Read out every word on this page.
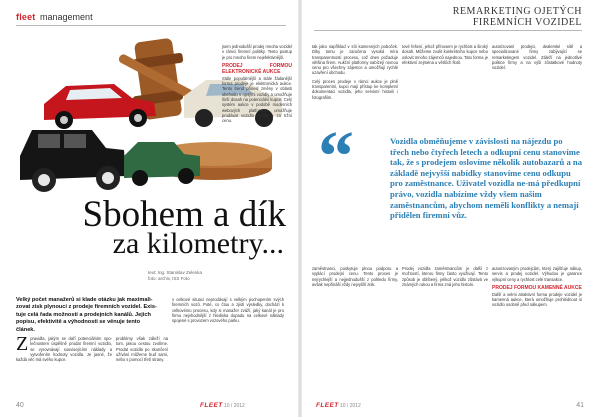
fleet management	REMARKETING OJETÝCH
FIREMNÍCH VOZIDEL
Sbohem a dík
za kilometry...
text: Ing. Stanislav Zelenka
foto: archiv, ISS Foto
Velký počet manažerů si klade otázku jak maximali-zovat zisk plynoucí z prodeje firemních vozidel. Exis-tuje celá řada možností a prodejních kanálů. Jejich popisu, efektivitě a výhodnosti se věnuje tento článek.
Z pravidla, jakým se daří potenciálním spo-lečnostem úspěšně prodat firemní vozidlo, se vyrovnávají souvisejícími náklady a vytvořením hodnoty vozidla. Je jasné, že každá věc má svého kupce.
problémy však záleží na tom, jakou cestou zvolíme. Prodat vozidla po skončení užívání můžeme buď sami, nebo s pomocí třetí strany.
v celkové situaci neprodávají s velkým pochopením svých firemních vozů. Poté, co čtou a zjistí výsledky, dochází k celkovému procesu, kdy si manažer zváží, jaký kanál je pro firmu nejvhodnější z hlediska dopadu na celkové náklady spojené s provozem vozového parku.

jsem jednodušší prodej mnoha vozidel v rámci firemní politiky. Tento postup je pro mnoho firem nejefektivnější.

PRODEJ FORMOU ELEKTRONICKÉ AUKCE

Stále populárnější a stále žádanější forma prodeje je elektronická aukce. Tento trend přinesl změny v oblasti obchodu s ojetými vozidly a umožňuje širší dosah na potenciální kupce. Celý systém aukce v podobě moderních webových platforem umožňuje prodávat vozidla rychle a za tržní cenu.

tak jako například v síti kamenných poboček. Díky tomu je zaručena vysoká míra transparentnosti procesu, což dnes požaduje většina firem. Aukční platformy nabízejí rovnou cenu pro všechny zájemce a umožňují rychlé uzavření obchodu.

Celý proces prodeje v rámci aukce je plně transparentní, kupci mají přístup ke kompletní dokumentaci vozidla, jeho servisní historii i fotografiím.

tové řešení, jehož přínosem je rychlost a široký dosah. Můžeme zvolit konkrétního kupce nebo oslovit mnoho zájemců najednou. Tato forma je efektivní zejména u větších flotil.
autorizovaní prodejci, dealerské sítě a specializované firmy zabývající se remarketingem vozidel. Záleží na jednotlivé politice firmy a na výši zůstatkové hodnoty vozidel.
“	Vozidla obměňujeme v závislosti na nájezdu po třech nebo čtyřech letech a odkupní cenu stanovíme tak, že s prodejem oslovíme několik autobazarů a na základě nejvyšší nabídky stanovíme cenu odkupu pro zaměstnance. Uživatel vozidla ne-má předkupní právo, vozidla nabízíme vždy všem našim zaměstnancům, abychom neměli konflikty a nemají přidělen firemní vůz.
zaměstnanci, poskytuje plnou podporu a vyplácí prodejní cenu. Tento proces je nejrychlejší a nejjednodušší z pohledu firmy, avšak nepřináší vždy nejvyšší zisk.
Prodej vozidla zaměstnancům je další z možností, kterou firmy často využívají. Tento způsob je oblíbený, jelikož vozidlo zůstává ve známých rukou a firma zná jeho historii.

autorizovaným prodejcům, který zajišťuje nákup, servis a prodej vozidel. Výhodou je garance výkupní ceny a rychlost celé transakce.

PRODEJ FORMOU KAMENNÉ AUKCE

Další a velmi atraktivní forma prodeje vozidel je kamenná aukce, která umožňuje prohlédnout si vozidlo osobně před nákupem.

40	FLEET 10 / 2012	FLEET 10 / 2012	41
